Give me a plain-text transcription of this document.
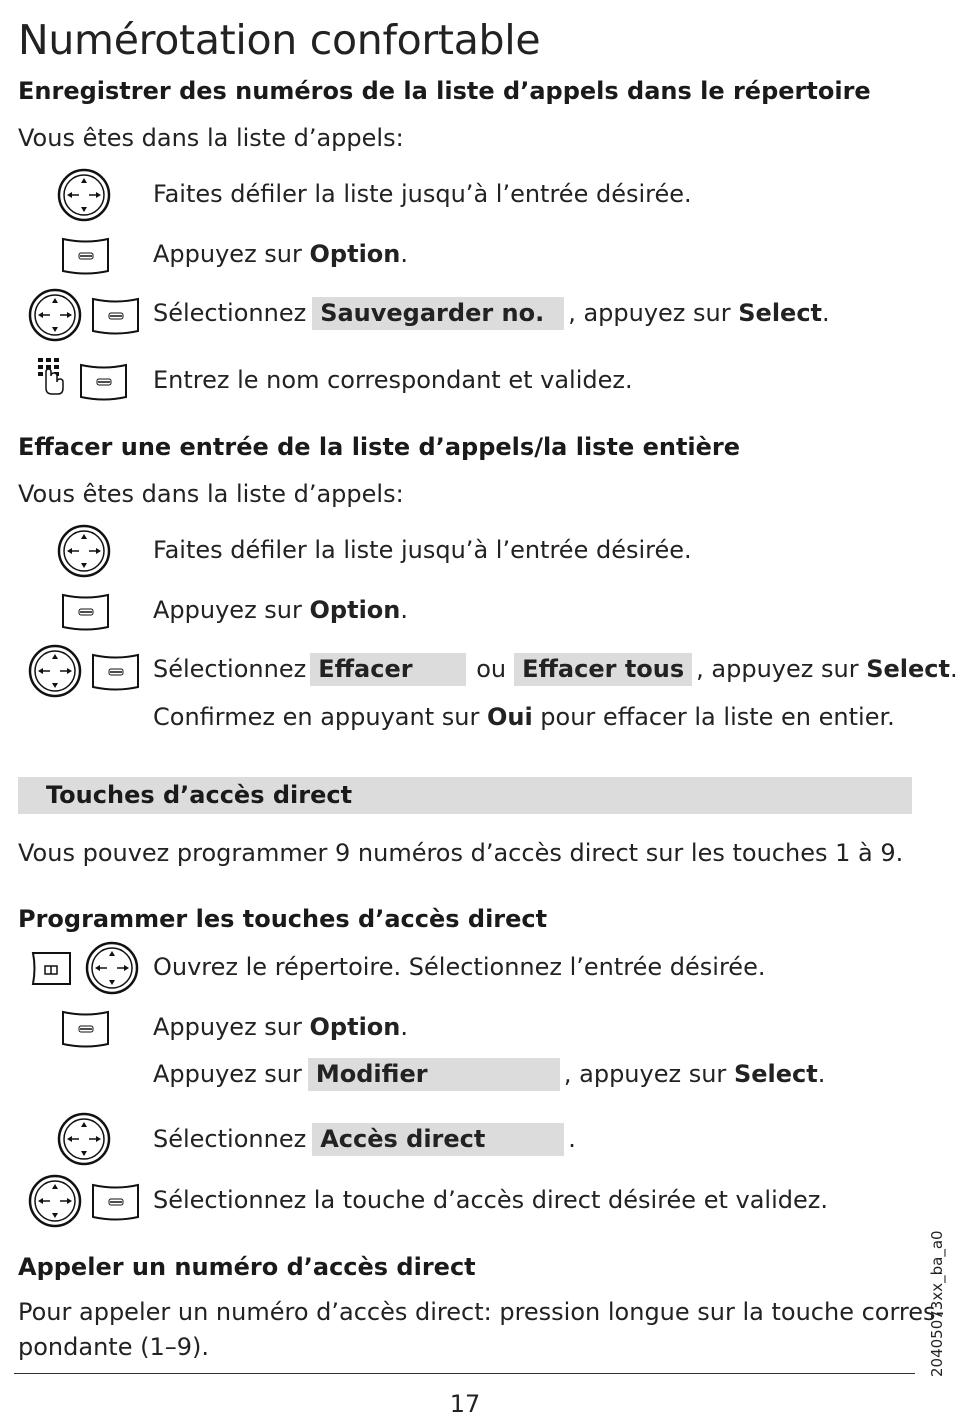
Numérotation confortable
Enregistrer des numéros de la liste d’appels dans le répertoire
Vous êtes dans la liste d’appels:
Faites défiler la liste jusqu’à l’entrée désirée.
Appuyez sur Option.
Sélectionnez Sauvegarder no. , appuyez sur Select.
Entrez le nom correspondant et validez.
Effacer une entrée de la liste d’appels/la liste entière
Vous êtes dans la liste d’appels:
Faites défiler la liste jusqu’à l’entrée désirée.
Appuyez sur Option.
Sélectionnez Effacer	ou Effacer tous , appuyez sur Select.
Confirmez en appuyant sur Oui pour effacer la liste en entier.
Touches d’accès direct
Vous pouvez programmer 9 numéros d’accès direct sur les touches 1 à 9.
Programmer les touches d’accès direct
Ouvrez le répertoire. Sélectionnez l’entrée désirée.
Appuyez sur Option.
Appuyez sur Modifier	, appuyez sur Select.
Sélectionnez Accès direct	.
Sélectionnez la touche d’accès direct désirée et validez.
Appeler un numéro d’accès direct
Pour appeler un numéro d’accès direct: pression longue sur la touche corres-
pondante (1–9).
17
20405073xx_ba_a0
